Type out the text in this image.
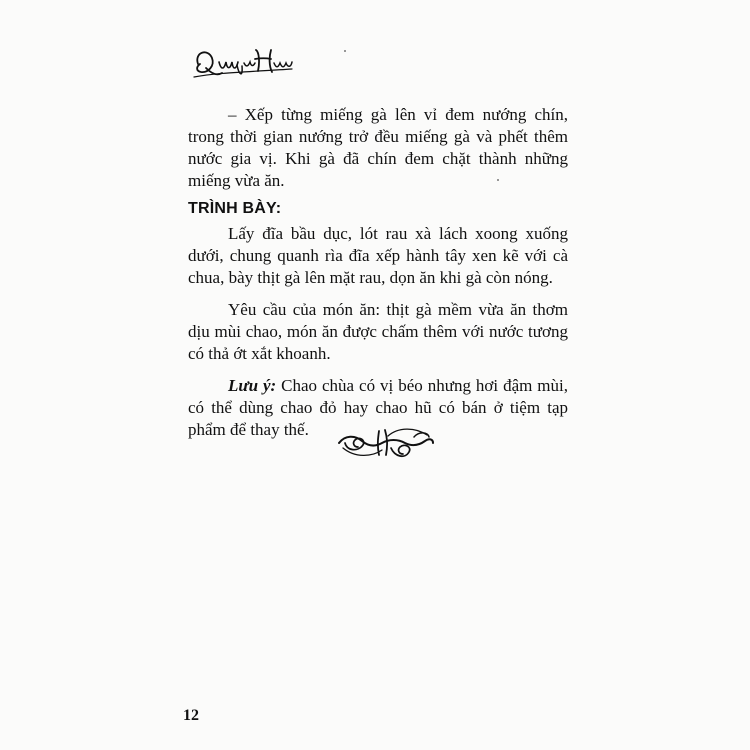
– Xếp từng miếng gà lên vỉ đem nướng chín, trong thời gian nướng trở đều miếng gà và phết thêm nước gia vị. Khi gà đã chín đem chặt thành những miếng vừa ăn.

TRÌNH BÀY:

Lấy đĩa bầu dục, lót rau xà lách xoong xuống dưới, chung quanh rìa đĩa xếp hành tây xen kẽ với cà chua, bày thịt gà lên mặt rau, dọn ăn khi gà còn nóng.

Yêu cầu của món ăn: thịt gà mềm vừa ăn thơm dịu mùi chao, món ăn được chấm thêm với nước tương có thả ớt xắt khoanh.

Lưu ý: Chao chùa có vị béo nhưng hơi đậm mùi, có thể dùng chao đỏ hay chao hũ có bán ở tiệm tạp phẩm để thay thế.

12
